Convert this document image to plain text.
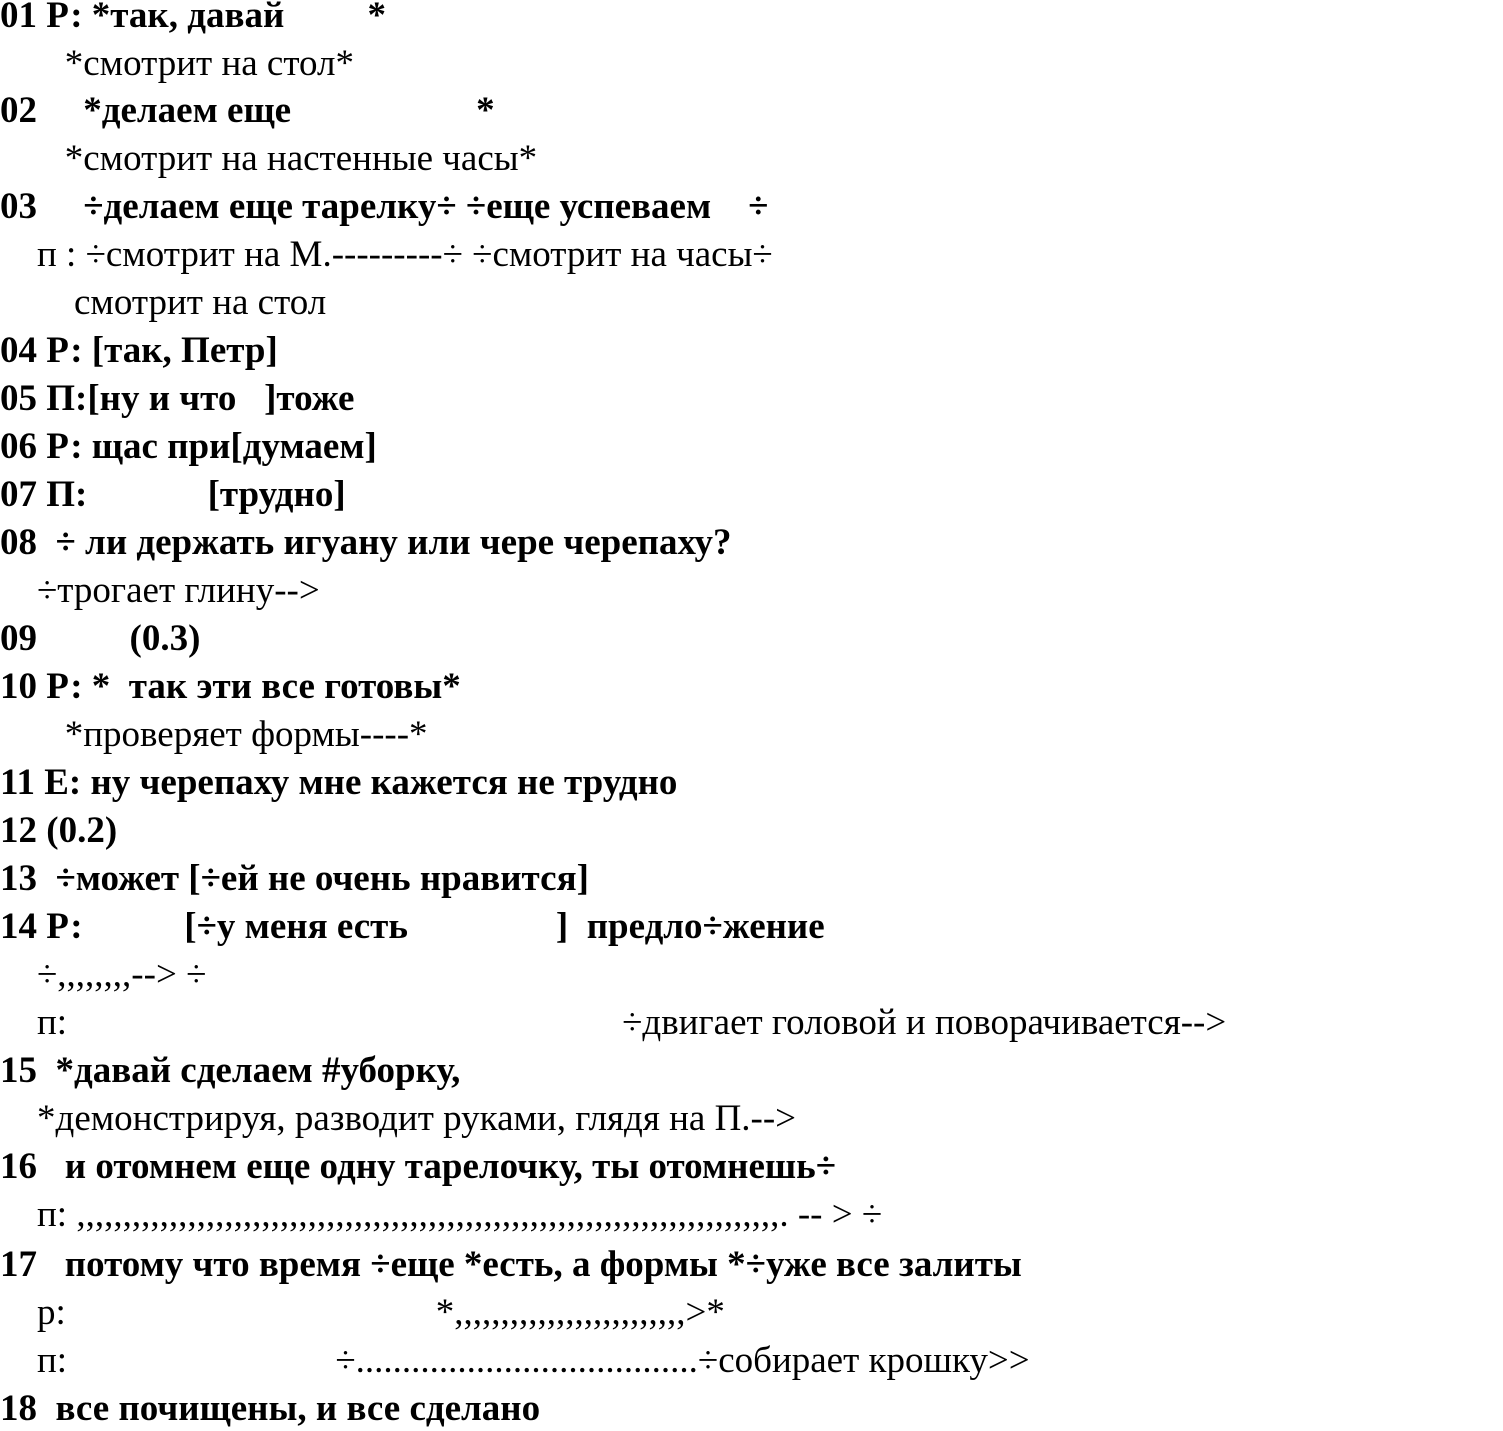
01 Р: *так, давай         *
*смотрит на стол*
02     *делаем еще                    *
*смотрит на настенные часы*
03     ÷делаем еще тарелку÷ ÷еще успеваем    ÷
п : ÷смотрит на М.---------÷ ÷смотрит на часы÷
смотрит на стол
04 Р: [так, Петр]
05 П:[ну и что   ]тоже
06 Р: щас при[думаем]
07 П:             [трудно]
08  ÷ ли держать игуану или чере черепаху?
÷трогает глину-->
09          (0.3)
10 Р: *  так эти все готовы*
*проверяет формы----*
11 Е: ну черепаху мне кажется не трудно
12 (0.2)
13  ÷может [÷ей не очень нравится]
14 Р:           [÷у меня есть                ]  предло÷жение
÷,,,,,,,,--> ÷
п:                                                            ÷двигает головой и поворачивается-->
15  *давай сделаем #уборку,
*демонстрируя, разводит руками, глядя на П.-->
16   и отомнем еще одну тарелочку, ты отомнешь÷
п: ,,,,,,,,,,,,,,,,,,,,,,,,,,,,,,,,,,,,,,,,,,,,,,,,,,,,,,,,,,,,,,,,,,,,,,,,,,,,. -- > ÷
17   потому что время ÷еще *есть, а формы *÷уже все залиты
р:                                        *,,,,,,,,,,,,,,,,,,,,,,,,,>*
п:                             ÷.....................................÷собирает крошку>>
18  все почищены, и все сделано
